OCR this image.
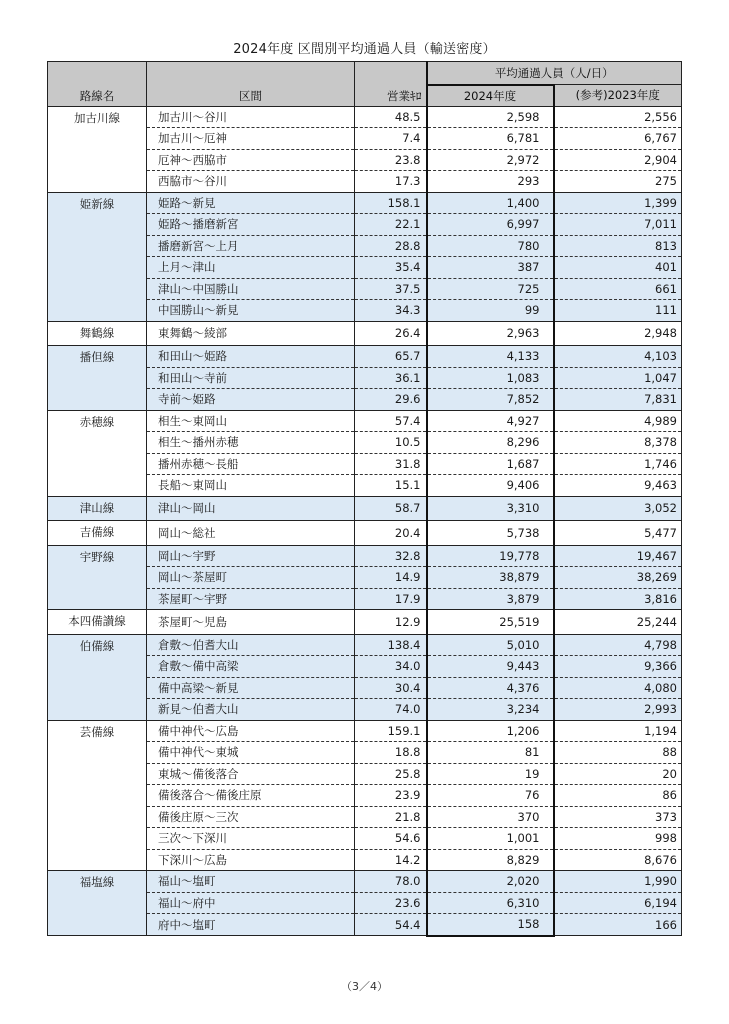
2024年度 区間別平均通過人員（輸送密度）
路線名	区間	営業ｷﾛ	平均通過人員（人/日）	
			2024年度	(参考)2023年度
加古川線	加古川～谷川	48.5	2,598	2,556
	加古川～厄神	7.4	6,781	6,767
	厄神～西脇市	23.8	2,972	2,904
	西脇市～谷川	17.3	293	275
姫新線	姫路～新見	158.1	1,400	1,399
	姫路～播磨新宮	22.1	6,997	7,011
	播磨新宮～上月	28.8	780	813
	上月～津山	35.4	387	401
	津山～中国勝山	37.5	725	661
	中国勝山～新見	34.3	99	111
舞鶴線	東舞鶴～綾部	26.4	2,963	2,948
播但線	和田山～姫路	65.7	4,133	4,103
	和田山～寺前	36.1	1,083	1,047
	寺前～姫路	29.6	7,852	7,831
赤穂線	相生～東岡山	57.4	4,927	4,989
	相生～播州赤穂	10.5	8,296	8,378
	播州赤穂～長船	31.8	1,687	1,746
	長船～東岡山	15.1	9,406	9,463
津山線	津山～岡山	58.7	3,310	3,052
吉備線	岡山～総社	20.4	5,738	5,477
宇野線	岡山～宇野	32.8	19,778	19,467
	岡山～茶屋町	14.9	38,879	38,269
	茶屋町～宇野	17.9	3,879	3,816
本四備讃線	茶屋町～児島	12.9	25,519	25,244
伯備線	倉敷～伯耆大山	138.4	5,010	4,798
	倉敷～備中高梁	34.0	9,443	9,366
	備中高梁～新見	30.4	4,376	4,080
	新見～伯耆大山	74.0	3,234	2,993
芸備線	備中神代～広島	159.1	1,206	1,194
	備中神代～東城	18.8	81	88
	東城～備後落合	25.8	19	20
	備後落合～備後庄原	23.9	76	86
	備後庄原～三次	21.8	370	373
	三次～下深川	54.6	1,001	998
	下深川～広島	14.2	8,829	8,676
福塩線	福山～塩町	78.0	2,020	1,990
	福山～府中	23.6	6,310	6,194
	府中～塩町	54.4	158	166
（3／4）
